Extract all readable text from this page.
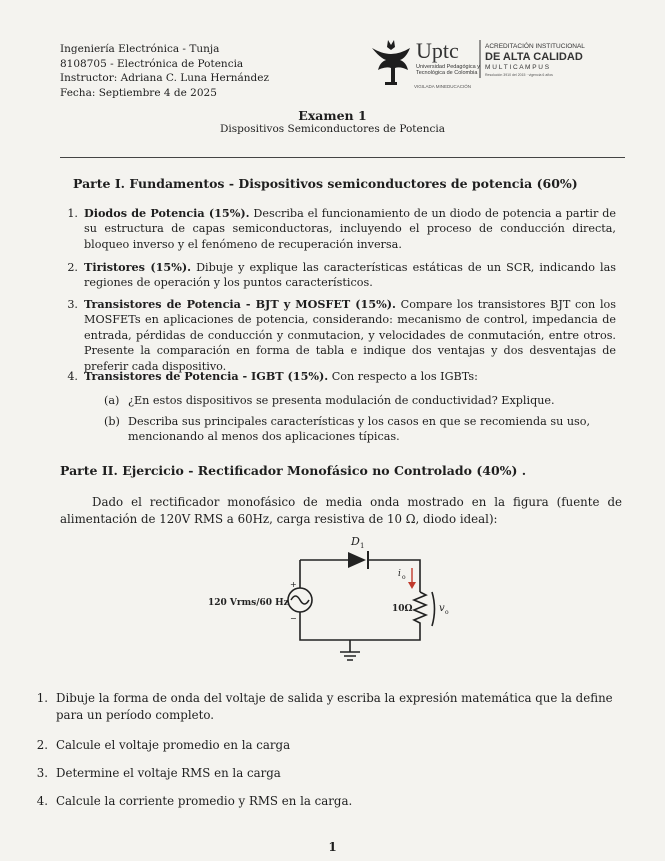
Ingeniería Electrónica - Tunja
8108705 - Electrónica de Potencia
Instructor: Adriana C. Luna Hernández
Fecha: Septiembre 4 de 2025
Uptc
Universidad Pedagógica y
Tecnológica de Colombia
ACREDITACIÓN INSTITUCIONAL
DE ALTA CALIDAD
M U L T I C A M P U S
Resolución 3910 del 2015 · vigencia 6 años
VIGILADA MINEDUCACIÓN
Examen 1
Dispositivos Semiconductores de Potencia
Parte I. Fundamentos - Dispositivos semiconductores de potencia (60%)
1. Diodos de Potencia (15%). Describa el funcionamiento de un diodo de potencia a partir de su estructura de capas semiconductoras, incluyendo el proceso de conducción directa, bloqueo inverso y el fenómeno de recuperación inversa.
2. Tiristores (15%). Dibuje y explique las características estáticas de un SCR, indicando las regiones de operación y los puntos característicos.
3. Transistores de Potencia - BJT y MOSFET (15%). Compare los transistores BJT con los MOSFETs en aplicaciones de potencia, considerando: mecanismo de control, impedancia de entrada, pérdidas de conducción y conmutacion, y velocidades de conmutación, entre otros. Presente la comparación en forma de tabla e indique dos ventajas y dos desventajas de preferir cada dispositivo.
4. Transistores de Potencia - IGBT (15%). Con respecto a los IGBTs:
(a) ¿En estos dispositivos se presenta modulación de conductividad? Explique.
(b) Describa sus principales características y los casos en que se recomienda su uso, mencionando al menos dos aplicaciones típicas.
Parte II. Ejercicio - Rectificador Monofásico no Controlado (40%) .
Dado el rectificador monofásico de media onda mostrado en la figura (fuente de alimentación de 120V RMS a 60Hz, carga resistiva de 10 Ω, diodo ideal):
D 1
i o
10Ω	v o
120 Vrms/60 Hz
+
−
1. Dibuje la forma de onda del voltaje de salida y escriba la expresión matemática que la define para un período completo.
2. Calcule el voltaje promedio en la carga
3. Determine el voltaje RMS en la carga
4. Calcule la corriente promedio y RMS en la carga.
1
